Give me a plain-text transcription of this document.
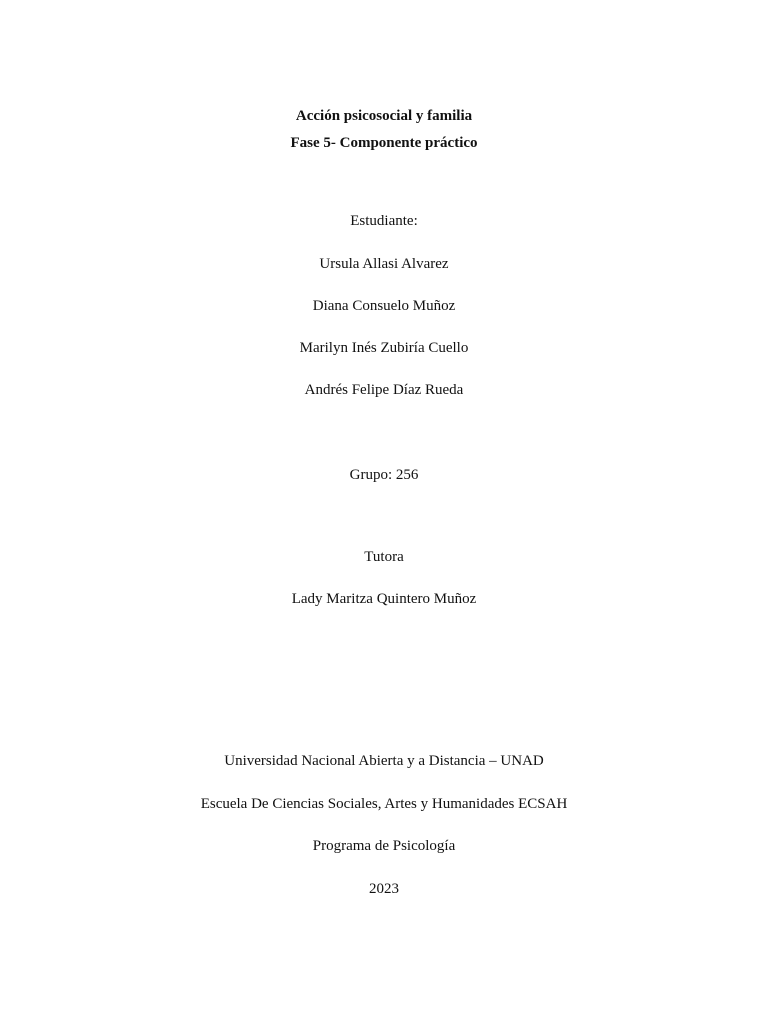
Acción psicosocial y familia
Fase 5- Componente práctico
Estudiante:
Ursula Allasi Alvarez
Diana Consuelo Muñoz
Marilyn Inés Zubiría Cuello
Andrés Felipe Díaz Rueda
Grupo: 256
Tutora
Lady Maritza Quintero Muñoz
Universidad Nacional Abierta y a Distancia – UNAD
Escuela De Ciencias Sociales, Artes y Humanidades ECSAH
Programa de Psicología
2023
